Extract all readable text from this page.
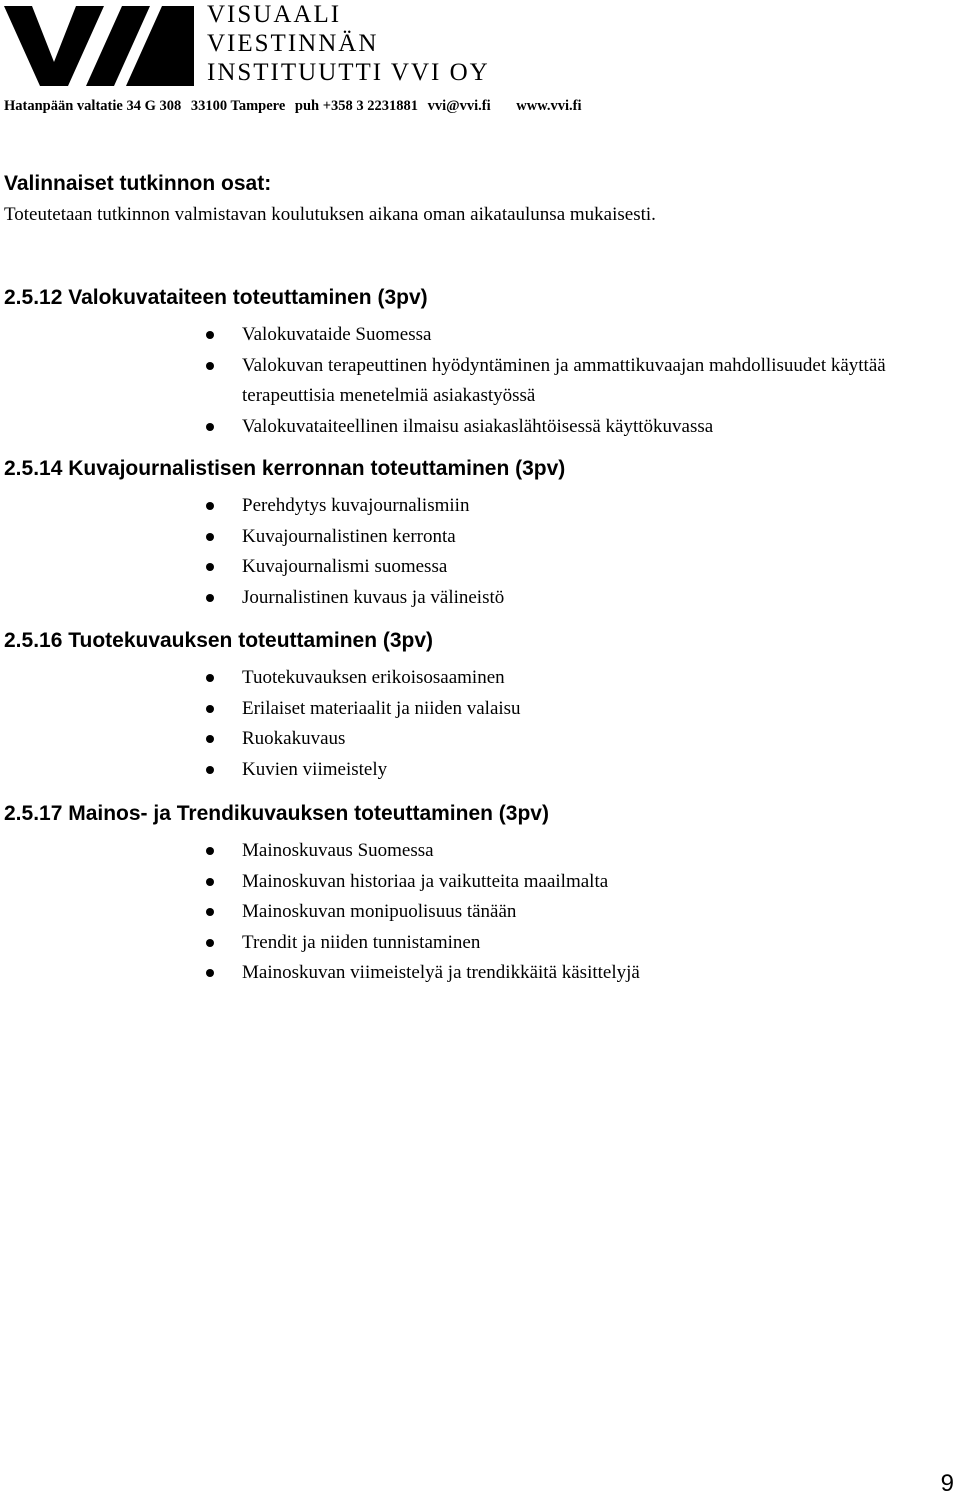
VISUAALI
VIESTINNÄN
INSTITUUTTI VVI OY
Hatanpään valtatie 34 G 308 33100 Tampere puh +358 3 2231881 vvi@vvi.fi www.vvi.fi
Valinnaiset tutkinnon osat:

Toteutetaan tutkinnon valmistavan koulutuksen aikana oman aikataulunsa mukaisesti.

2.5.12 Valokuvataiteen toteuttaminen (3pv)
Valokuvataide Suomessa
Valokuvan terapeuttinen hyödyntäminen ja ammattikuvaajan mahdollisuudet käyttää terapeuttisia menetelmiä asiakastyössä
Valokuvataiteellinen ilmaisu asiakaslähtöisessä käyttökuvassa
2.5.14 Kuvajournalistisen kerronnan toteuttaminen (3pv)
Perehdytys kuvajournalismiin
Kuvajournalistinen kerronta
Kuvajournalismi suomessa
Journalistinen kuvaus ja välineistö
2.5.16 Tuotekuvauksen toteuttaminen (3pv)
Tuotekuvauksen erikoisosaaminen
Erilaiset materiaalit ja niiden valaisu
Ruokakuvaus
Kuvien viimeistely
2.5.17 Mainos- ja Trendikuvauksen toteuttaminen (3pv)
Mainoskuvaus Suomessa
Mainoskuvan historiaa ja vaikutteita maailmalta
Mainoskuvan monipuolisuus tänään
Trendit ja niiden tunnistaminen
Mainoskuvan viimeistelyä ja trendikkäitä käsittelyjä
9
